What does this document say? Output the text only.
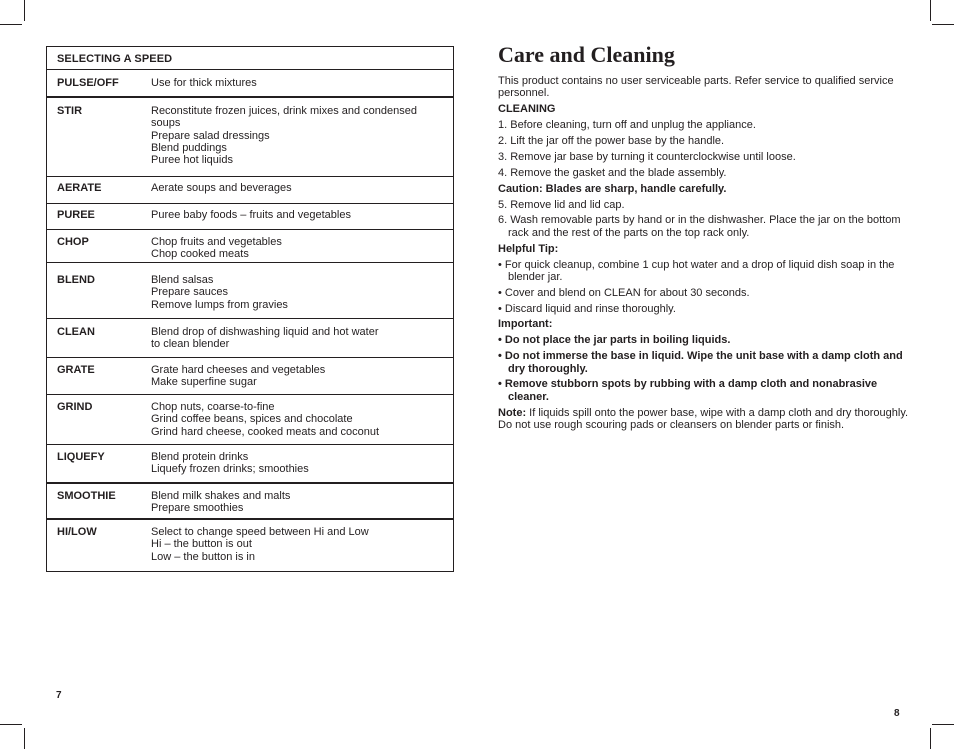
SELECTING A SPEED
PULSE/OFF	Use for thick mixtures
STIR	Reconstitute frozen juices, drink mixes and condensed
soups
Prepare salad dressings
Blend puddings
Puree hot liquids
AERATE	Aerate soups and beverages
PUREE	Puree baby foods – fruits and vegetables
CHOP	Chop fruits and vegetables
Chop cooked meats
BLEND	Blend salsas
Prepare sauces
Remove lumps from gravies
CLEAN	Blend drop of dishwashing liquid and hot water
to clean blender
GRATE	Grate hard cheeses and vegetables
Make superfine sugar
GRIND	Chop nuts, coarse-to-fine
Grind coffee beans, spices and chocolate
Grind hard cheese, cooked meats and coconut
LIQUEFY	Blend protein drinks
Liquefy frozen drinks; smoothies
SMOOTHIE	Blend milk shakes and malts
Prepare smoothies
HI/LOW	Select to change speed between Hi and Low
Hi – the button is out
Low – the button is in
Care and Cleaning
This product contains no user serviceable parts. Refer service to qualified service personnel.
CLEANING
1. Before cleaning, turn off and unplug the appliance.
2. Lift the jar off the power base by the handle.
3. Remove jar base by turning it counterclockwise until loose.
4. Remove the gasket and the blade assembly.
Caution: Blades are sharp, handle carefully.
5. Remove lid and lid cap.
6. Wash removable parts by hand or in the dishwasher. Place the jar on the bottom rack and the rest of the parts on the top rack only.
Helpful Tip:
• For quick cleanup, combine 1 cup hot water and a drop of liquid dish soap in the blender jar.
• Cover and blend on CLEAN for about 30 seconds.
• Discard liquid and rinse thoroughly.
Important:
• Do not place the jar parts in boiling liquids.
• Do not immerse the base in liquid. Wipe the unit base with a damp cloth and dry thoroughly.
• Remove stubborn spots by rubbing with a damp cloth and nonabrasive cleaner.
Note: If liquids spill onto the power base, wipe with a damp cloth and dry thoroughly. Do not use rough scouring pads or cleansers on blender parts or finish.
7
8
